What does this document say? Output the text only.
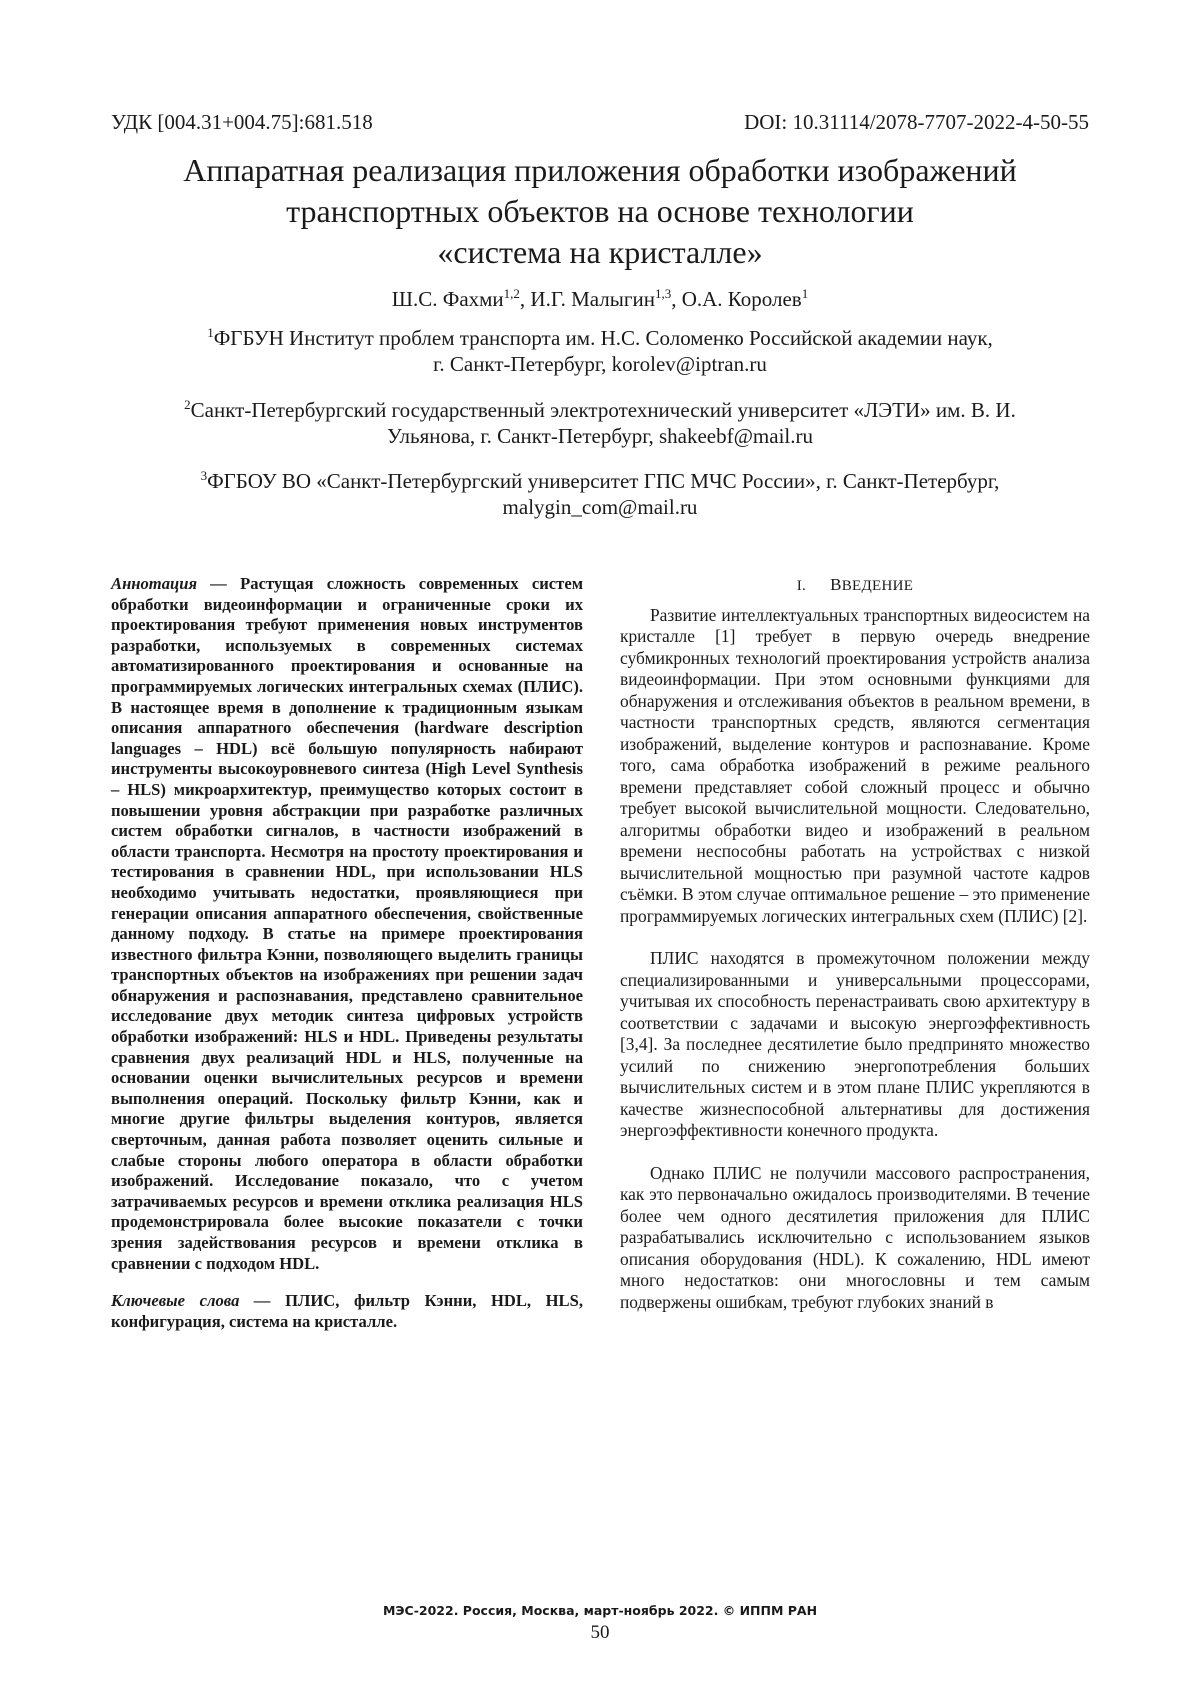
УДК [004.31+004.75]:681.518	DOI: 10.31114/2078-7707-2022-4-50-55
Аппаратная реализация приложения обработки изображений
транспортных объектов на основе технологии
«система на кристалле»
Ш.С. Фахми$^{1,2}$, И.Г. Малыгин$^{1,3}$, О.А. Королев$^1$
$^1$ФГБУН Институт проблем транспорта им. Н.С. Соломенко Российской академии наук,
г. Санкт-Петербург, korolev@iptran.ru
$^2$Санкт-Петербургский государственный электротехнический университет «ЛЭТИ» им. В. И.
Ульянова, г. Санкт-Петербург, shakeebf@mail.ru
$^3$ФГБОУ ВО «Санкт-Петербургский университет ГПС МЧС России», г. Санкт-Петербург,
malygin_com@mail.ru

Аннотация — Растущая сложность современных систем обработки видеоинформации и ограниченные сроки их проектирования требуют применения новых инструментов разработки, используемых в современных системах автоматизированного проектирования и основанные на программируемых логических интегральных схемах (ПЛИС). В настоящее время в дополнение к традиционным языкам описания аппаратного обеспечения (hardware description languages – HDL) всё большую популярность набирают инструменты высокоуровневого синтеза (High Level Synthesis – HLS) микроархитектур, преимущество которых состоит в повышении уровня абстракции при разработке различных систем обработки сигналов, в частности изображений в области транспорта. Несмотря на простоту проектирования и тестирования в сравнении HDL, при использовании HLS необходимо учитывать недостатки, проявляющиеся при генерации описания аппаратного обеспечения, свойственные данному подходу. В статье на примере проектирования известного фильтра Кэнни, позволяющего выделить границы транспортных объектов на изображениях при решении задач обнаружения и распознавания, представлено сравнительное исследование двух методик синтеза цифровых устройств обработки изображений: HLS и HDL. Приведены результаты сравнения двух реализаций HDL и HLS, полученные на основании оценки вычислительных ресурсов и времени выполнения операций. Поскольку фильтр Кэнни, как и многие другие фильтры выделения контуров, является сверточным, данная работа позволяет оценить сильные и слабые стороны любого оператора в области обработки изображений. Исследование показало, что с учетом затрачиваемых ресурсов и времени отклика реализация HLS продемонстрировала более высокие показатели с точки зрения задействования ресурсов и времени отклика в сравнении с подходом HDL.

Ключевые слова — ПЛИС, фильтр Кэнни, HDL, HLS, конфигурация, система на кристалле.

I. ВВЕДЕНИЕ

Развитие интеллектуальных транспортных видеосистем на кристалле [1] требует в первую очередь внедрение субмикронных технологий проектирования устройств анализа видеоинформации. При этом основными функциями для обнаружения и отслеживания объектов в реальном времени, в частности транспортных средств, являются сегментация изображений, выделение контуров и распознавание. Кроме того, сама обработка изображений в режиме реального времени представляет собой сложный процесс и обычно требует высокой вычислительной мощности. Следовательно, алгоритмы обработки видео и изображений в реальном времени неспособны работать на устройствах с низкой вычислительной мощностью при разумной частоте кадров съёмки. В этом случае оптимальное решение – это применение программируемых логических интегральных схем (ПЛИС) [2].

ПЛИС находятся в промежуточном положении между специализированными и универсальными процессорами, учитывая их способность перенастраивать свою архитектуру в соответствии с задачами и высокую энергоэффективность [3,4]. За последнее десятилетие было предпринято множество усилий по снижению энергопотребления больших вычислительных систем и в этом плане ПЛИС укрепляются в качестве жизнеспособной альтернативы для достижения энергоэффективности конечного продукта.

Однако ПЛИС не получили массового распространения, как это первоначально ожидалось производителями. В течение более чем одного десятилетия приложения для ПЛИС разрабатывались исключительно с использованием языков описания оборудования (HDL). К сожалению, HDL имеют много недостатков: они многословны и тем самым подвержены ошибкам, требуют глубоких знаний в

МЭС-2022. Россия, Москва, март-ноябрь 2022. © ИППМ РАН
50
